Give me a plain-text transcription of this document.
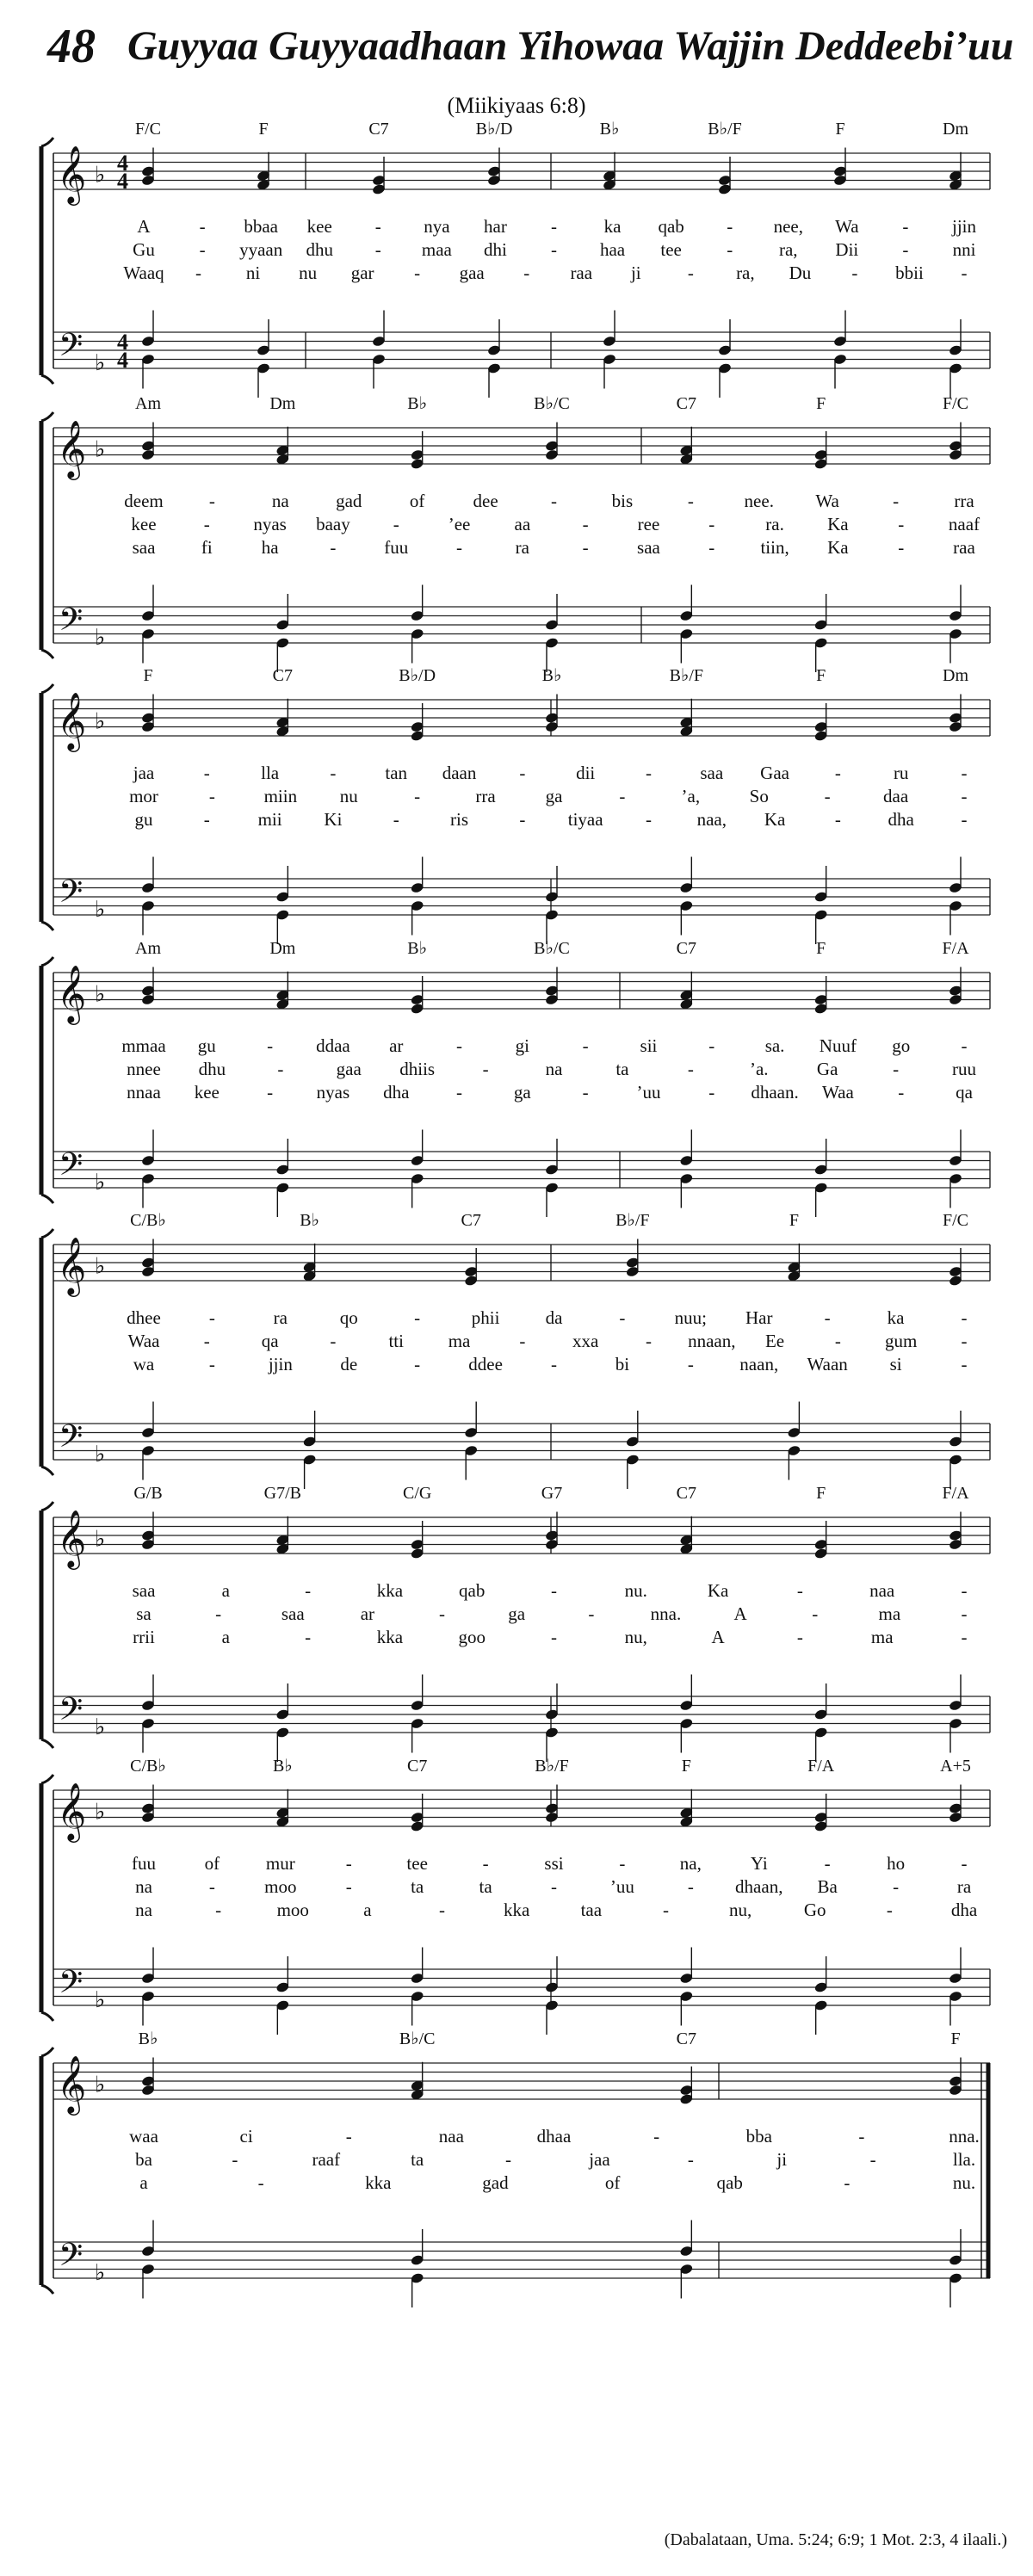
48 Guyyaa Guyyaadhaan Yihowaa Wajjin Deddeebi’uu
(Miikiyaas 6:8)
𝄞
𝄢
♭
♭
4
4
4
4
F/C	F	C7	B♭/D	B♭	B♭/F	F	Dm
A	- bbaa kee - nya har -	ka qab - nee, Wa - jjin
Gu - yyaan dhu - maa dhi - haa tee -	ra, Dii - nni
Waaq - ni nu gar - gaa - raa ji	- ra, Du - bbii -
𝄞
𝄢
♭
♭
Am	Dm	B♭	B♭/C	C7	F	F/C
deem	-	na	gad	of	dee	-	bis	-	nee. Wa	-	rra
kee	- nyas baay -	’ee aa	-	ree	-	ra. Ka	- naaf
saa	fi	ha	-	fuu	-	ra	-	saa	-	tiin, Ka	-	raa
𝄞
𝄢
♭
♭
F	C7	B♭/D	B♭	B♭/F	F	Dm
jaa	-	lla	-	tan daan -	dii	-	saa Gaa	-	ru	-
mor	-	miin nu	-	rra	ga	-	’a,	So	-	daa	-
gu	-	mii Ki	-	ris	- tiyaa -	naa, Ka	-	dha	-
𝄞
𝄢
♭
♭
Am	Dm	B♭	B♭/C	C7	F	F/A
mmaa gu	- ddaa ar	-	gi	-	sii	-	sa. Nuuf go	-
nnee dhu	-	gaa dhiis	-	na	ta	-	’a.	Ga	-	ruu
nnaa kee	- nyas dha	-	ga	-	’uu	- dhaan. Waa -	qa
𝄞
𝄢
♭
♭
C/B♭	B♭	C7	B♭/F	F	F/C
dhee	-	ra	qo	-	phii	da	-	nuu; Har	-	ka	-
Waa -	qa	-	tti ma	-	xxa	- nnaan, Ee	- gum -
wa	-	jjin	de	-	ddee	-	bi	-	naan, Waan si	-
𝄞
𝄢
♭
♭
G/B	G7/B	C/G	G7	C7	F	F/A
saa	a	-	kka	qab	-	nu.	Ka	-	naa	-
sa	-	saa	ar	-	ga	-	nna.	A	-	ma	-
rrii	a	-	kka	goo	-	nu,	A	-	ma	-
𝄞
𝄢
♭
♭
C/B♭	B♭	C7	B♭/F	F	F/A	A+5
fuu	of	mur	-	tee	-	ssi	-	na,	Yi	-	ho	-
na	-	moo	-	ta	ta	-	’uu	- dhaan, Ba	-	ra
na	-	moo	a	-	kka	taa	-	nu,	Go	-	dha
𝄞
𝄢
♭
♭
B♭	B♭/C	C7	F
waa	ci	-	naa	dhaa	-	bba	-	nna.
ba	-	raaf	ta	-	jaa	-	ji	-	lla.
a	-	kka	gad	of	qab	-	nu.
(Dabalataan, Uma. 5:24; 6:9; 1 Mot. 2:3, 4 ilaali.)
